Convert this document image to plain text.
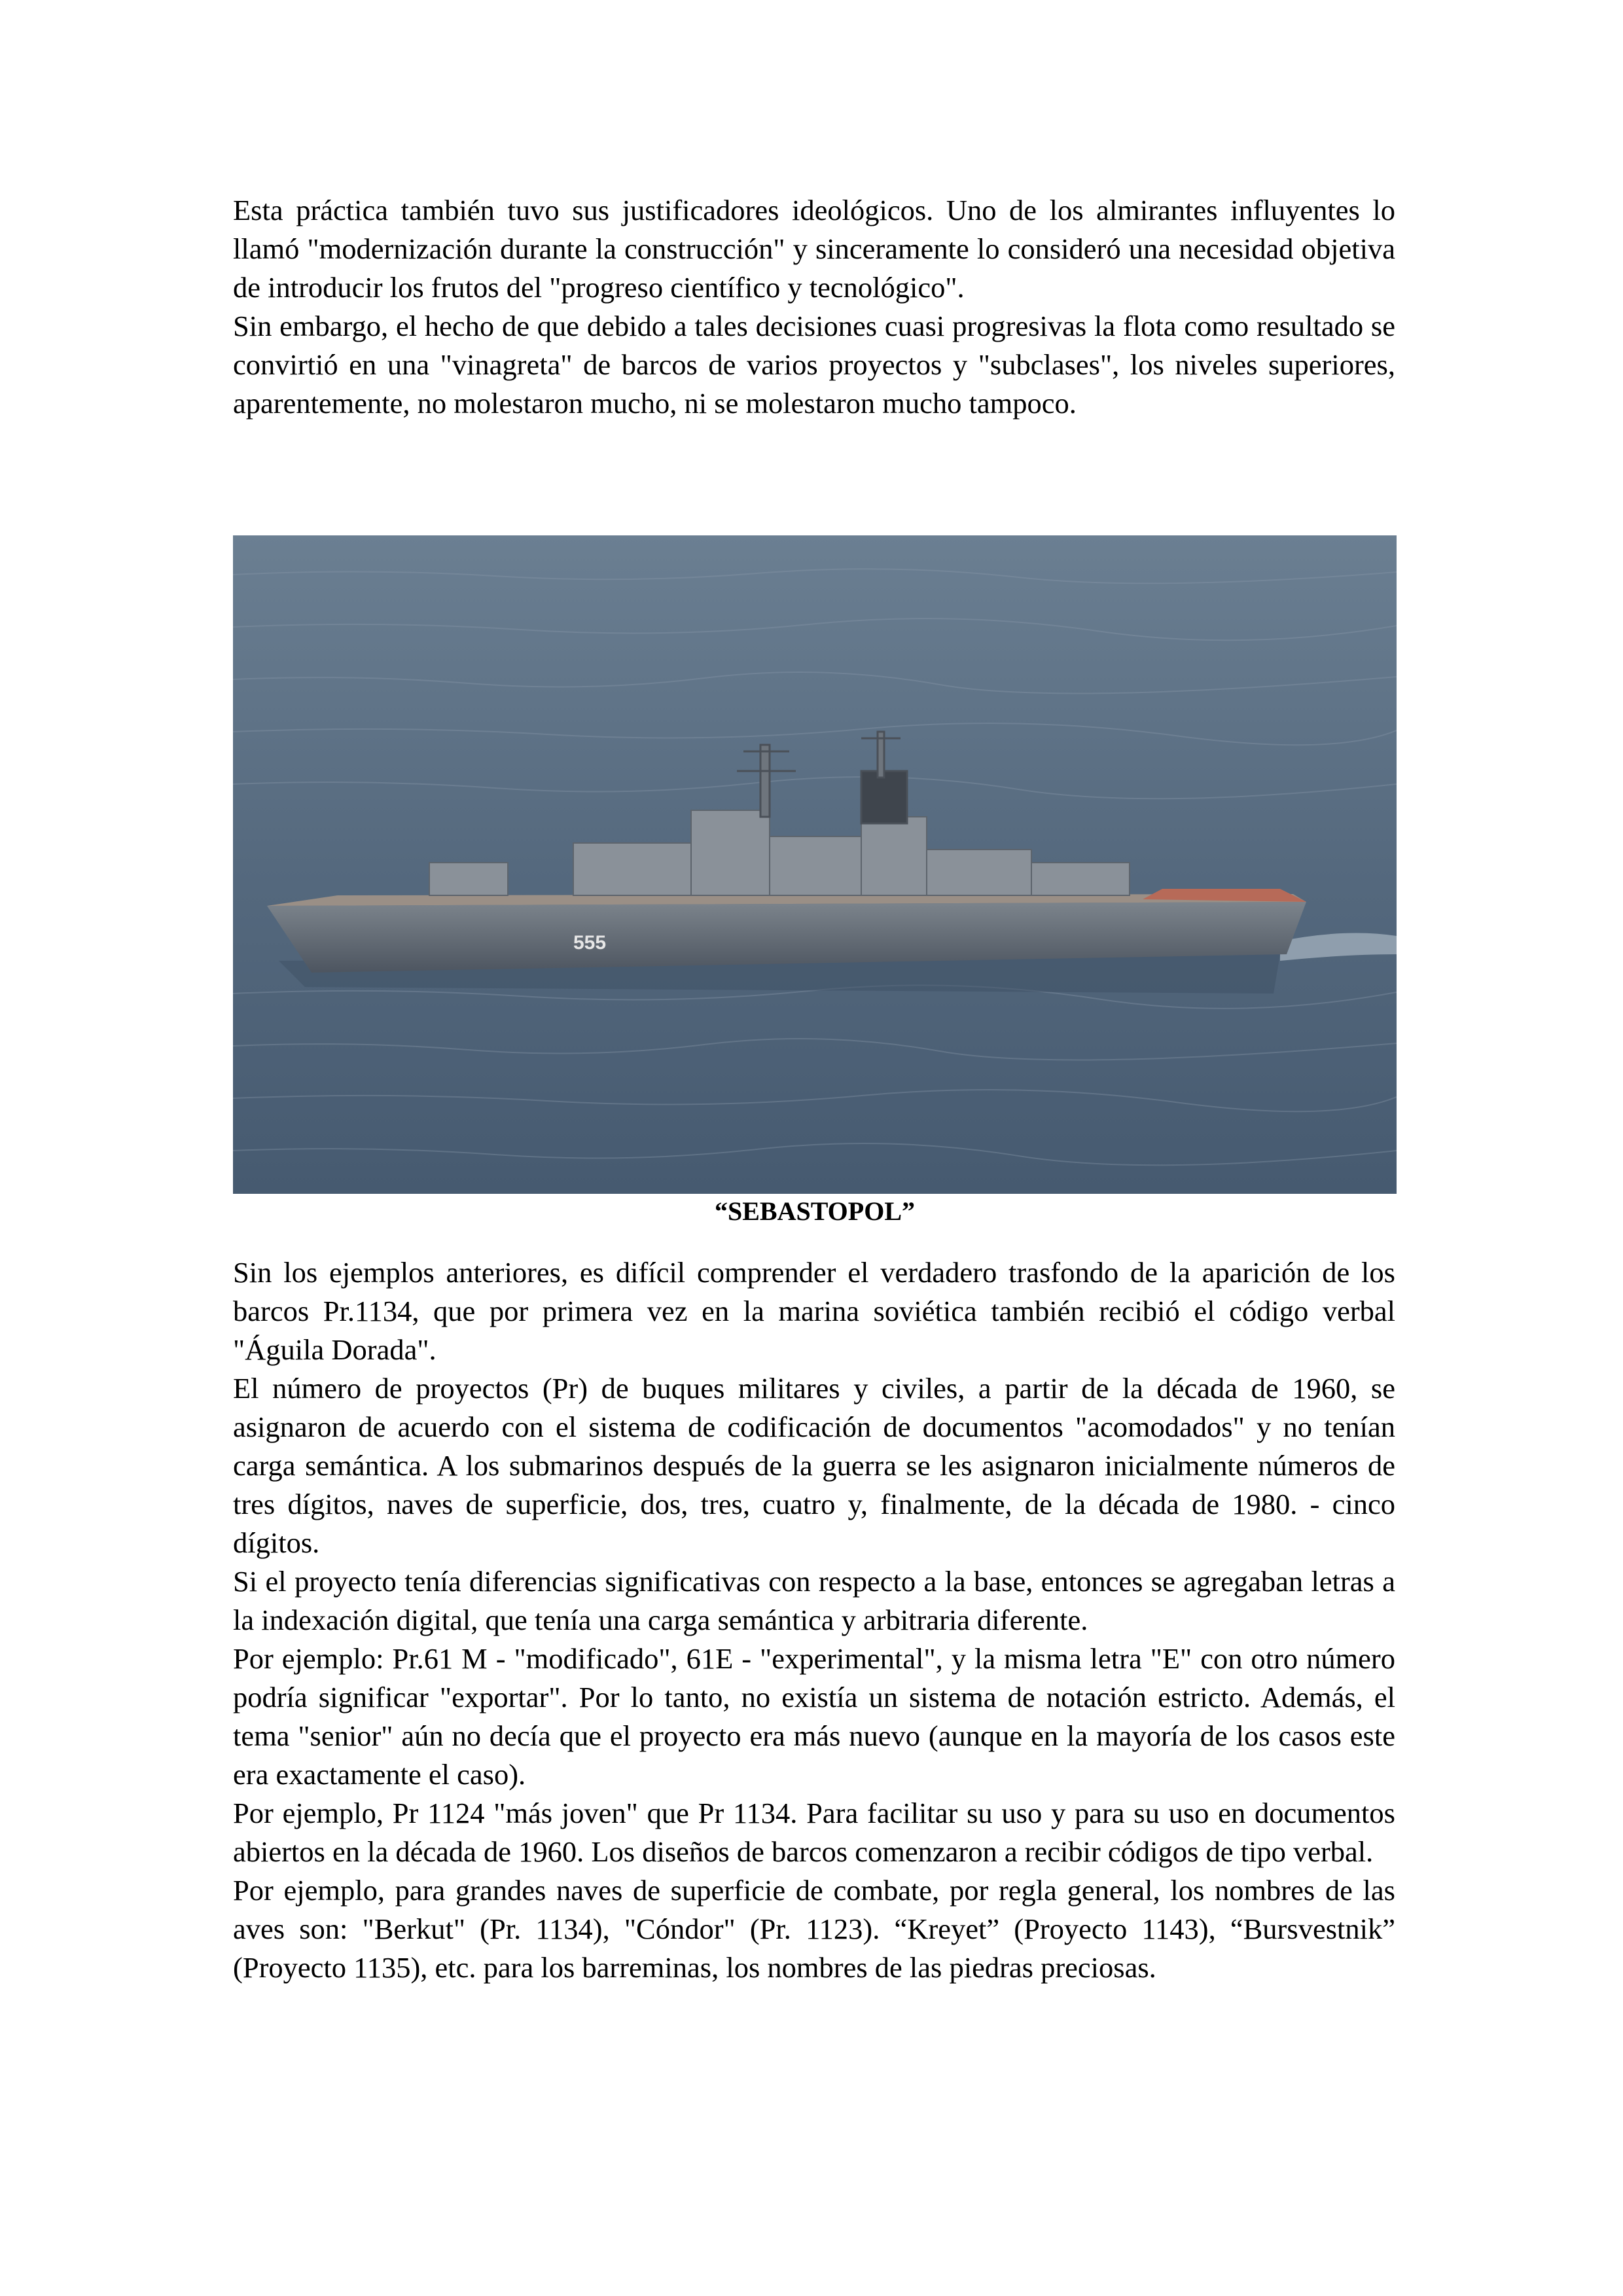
Esta práctica también tuvo sus justificadores ideológicos. Uno de los almirantes influyentes lo llamó "modernización durante la construcción" y sinceramente lo consideró una necesidad objetiva de introducir los frutos del "progreso científico y tecnológico".

Sin embargo, el hecho de que debido a tales decisiones cuasi progresivas la flota como resultado se convirtió en una "vinagreta" de barcos de varios proyectos y "subclases", los niveles superiores, aparentemente, no molestaron mucho, ni se molestaron mucho tampoco.

555
“SEBASTOPOL”

Sin los ejemplos anteriores, es difícil comprender el verdadero trasfondo de la aparición de los barcos Pr.1134, que por primera vez en la marina soviética también recibió el código verbal "Águila Dorada".

El número de proyectos (Pr) de buques militares y civiles, a partir de la década de 1960, se asignaron de acuerdo con el sistema de codificación de documentos "acomodados" y no tenían carga semántica. A los submarinos después de la guerra se les asignaron inicialmente números de tres dígitos, naves de superficie, dos, tres, cuatro y, finalmente, de la década de 1980. - cinco dígitos.

Si el proyecto tenía diferencias significativas con respecto a la base, entonces se agregaban letras a la indexación digital, que tenía una carga semántica y arbitraria diferente.

Por ejemplo: Pr.61 M - "modificado", 61E - "experimental", y la misma letra "E" con otro número podría significar "exportar". Por lo tanto, no existía un sistema de notación estricto. Además, el tema "senior" aún no decía que el proyecto era más nuevo (aunque en la mayoría de los casos este era exactamente el caso).

Por ejemplo, Pr 1124 "más joven" que Pr 1134. Para facilitar su uso y para su uso en documentos abiertos en la década de 1960. Los diseños de barcos comenzaron a recibir códigos de tipo verbal.

Por ejemplo, para grandes naves de superficie de combate, por regla general, los nombres de las aves son: "Berkut" (Pr. 1134), "Cóndor" (Pr. 1123). “Kreyet” (Proyecto 1143), “Bursvestnik” (Proyecto 1135), etc. para los barreminas, los nombres de las piedras preciosas.
